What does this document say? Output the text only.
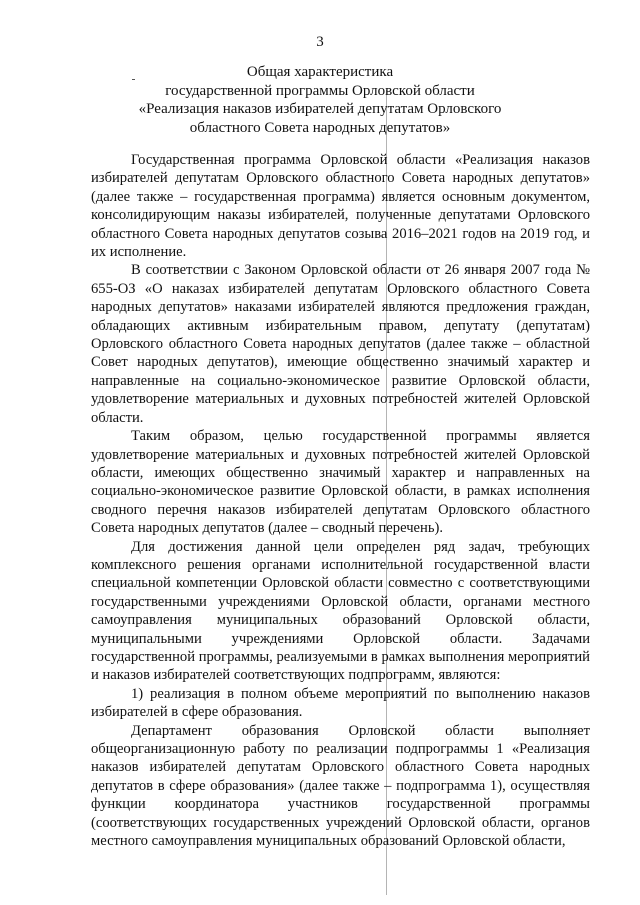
3
Общая характеристика
государственной программы Орловской области
«Реализация наказов избирателей депутатам Орловского
областного Совета народных депутатов»

Государственная программа Орловской области «Реализация наказов избирателей депутатам Орловского областного Совета народных депутатов» (далее также – государственная программа) является основным документом, консолидирующим наказы избирателей, полученные депутатами Орловского областного Совета народных депутатов созыва 2016–2021 годов на 2019 год, и их исполнение.

В соответствии с Законом Орловской области от 26 января 2007 года № 655-ОЗ «О наказах избирателей депутатам Орловского областного Совета народных депутатов» наказами избирателей являются предложения граждан, обладающих активным избирательным правом, депутату (депутатам) Орловского областного Совета народных депутатов (далее также – областной Совет народных депутатов), имеющие общественно значимый характер и направленные на социально-экономическое развитие Орловской области, удовлетворение материальных и духовных потребностей жителей Орловской области.

Таким образом, целью государственной программы является удовлетворение материальных и духовных потребностей жителей Орловской области, имеющих общественно значимый характер и направленных на социально-экономическое развитие Орловской области, в рамках исполнения сводного перечня наказов избирателей депутатам Орловского областного Совета народных депутатов (далее – сводный перечень).

Для достижения данной цели определен ряд задач, требующих комплексного решения органами исполнительной государственной власти специальной компетенции Орловской области совместно с соответствующими государственными учреждениями Орловской области, органами местного самоуправления муниципальных образований Орловской области, муниципальными учреждениями Орловской области. Задачами государственной программы, реализуемыми в рамках выполнения мероприятий и наказов избирателей соответствующих подпрограмм, являются:

1) реализация в полном объеме мероприятий по выполнению наказов избирателей в сфере образования.

Департамент образования Орловской области выполняет общеорганизационную работу по реализации подпрограммы 1 «Реализация наказов избирателей депутатам Орловского областного Совета народных депутатов в сфере образования» (далее также – подпрограмма 1), осуществляя функции координатора участников государственной программы (соответствующих государственных учреждений Орловской области, органов местного самоуправления муниципальных образований Орловской области,
